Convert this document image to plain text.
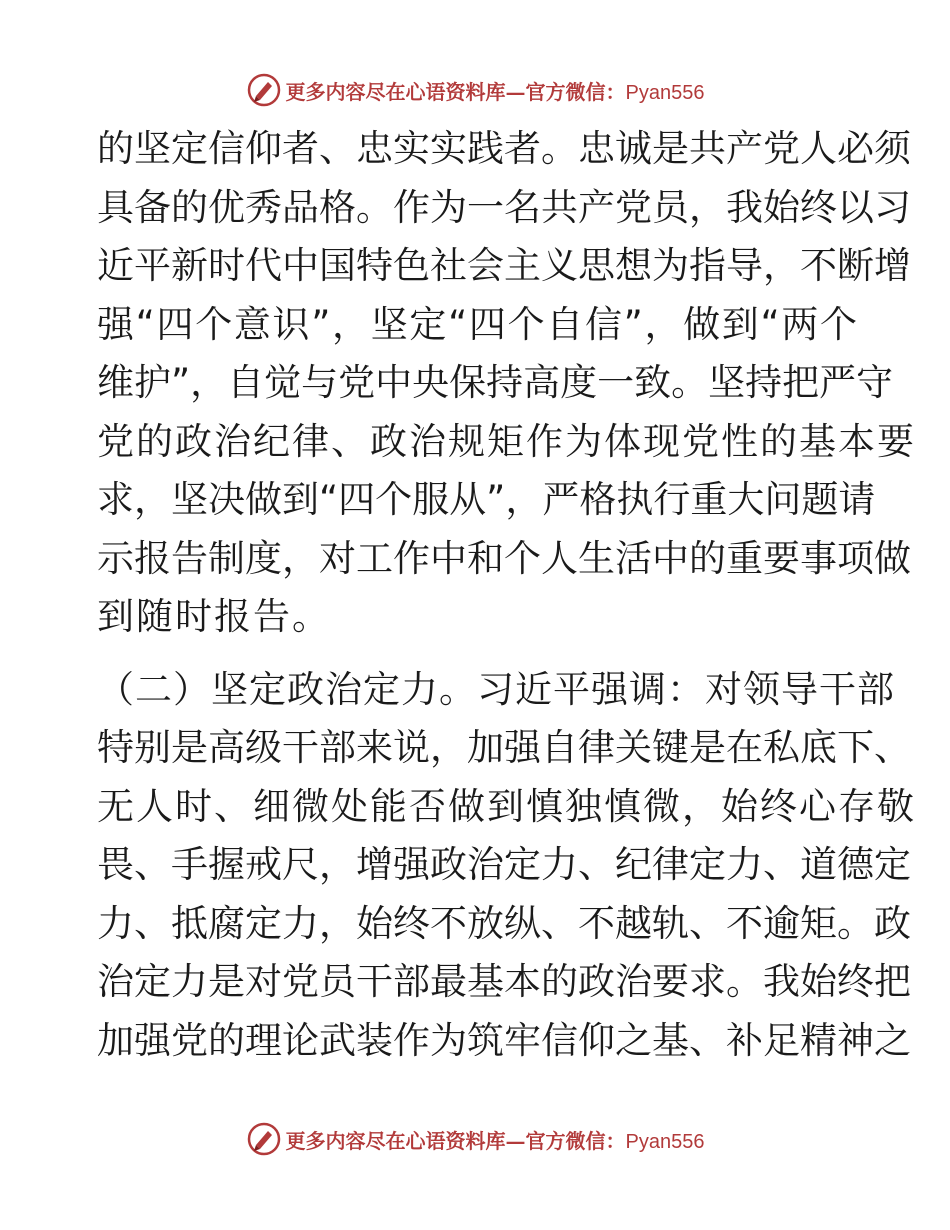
更多内容尽在心语资料库—官方微信：Pyan556
的坚定信仰者、忠实实践者。忠诚是共产党人必须
具备的优秀品格。作为一名共产党员，我始终以习
近平新时代中国特色社会主义思想为指导，不断增
强“四个意识”，坚定“四个自信”，做到“两个
维护”，自觉与党中央保持高度一致。坚持把严守
党的政治纪律、政治规矩作为体现党性的基本要
求，坚决做到“四个服从”，严格执行重大问题请
示报告制度，对工作中和个人生活中的重要事项做
到随时报告。
（二）坚定政治定力。习近平强调：对领导干部
特别是高级干部来说，加强自律关键是在私底下、
无人时、细微处能否做到慎独慎微，始终心存敬
畏、手握戒尺，增强政治定力、纪律定力、道德定
力、抵腐定力，始终不放纵、不越轨、不逾矩。政
治定力是对党员干部最基本的政治要求。我始终把
加强党的理论武装作为筑牢信仰之基、补足精神之
更多内容尽在心语资料库—官方微信：Pyan556
